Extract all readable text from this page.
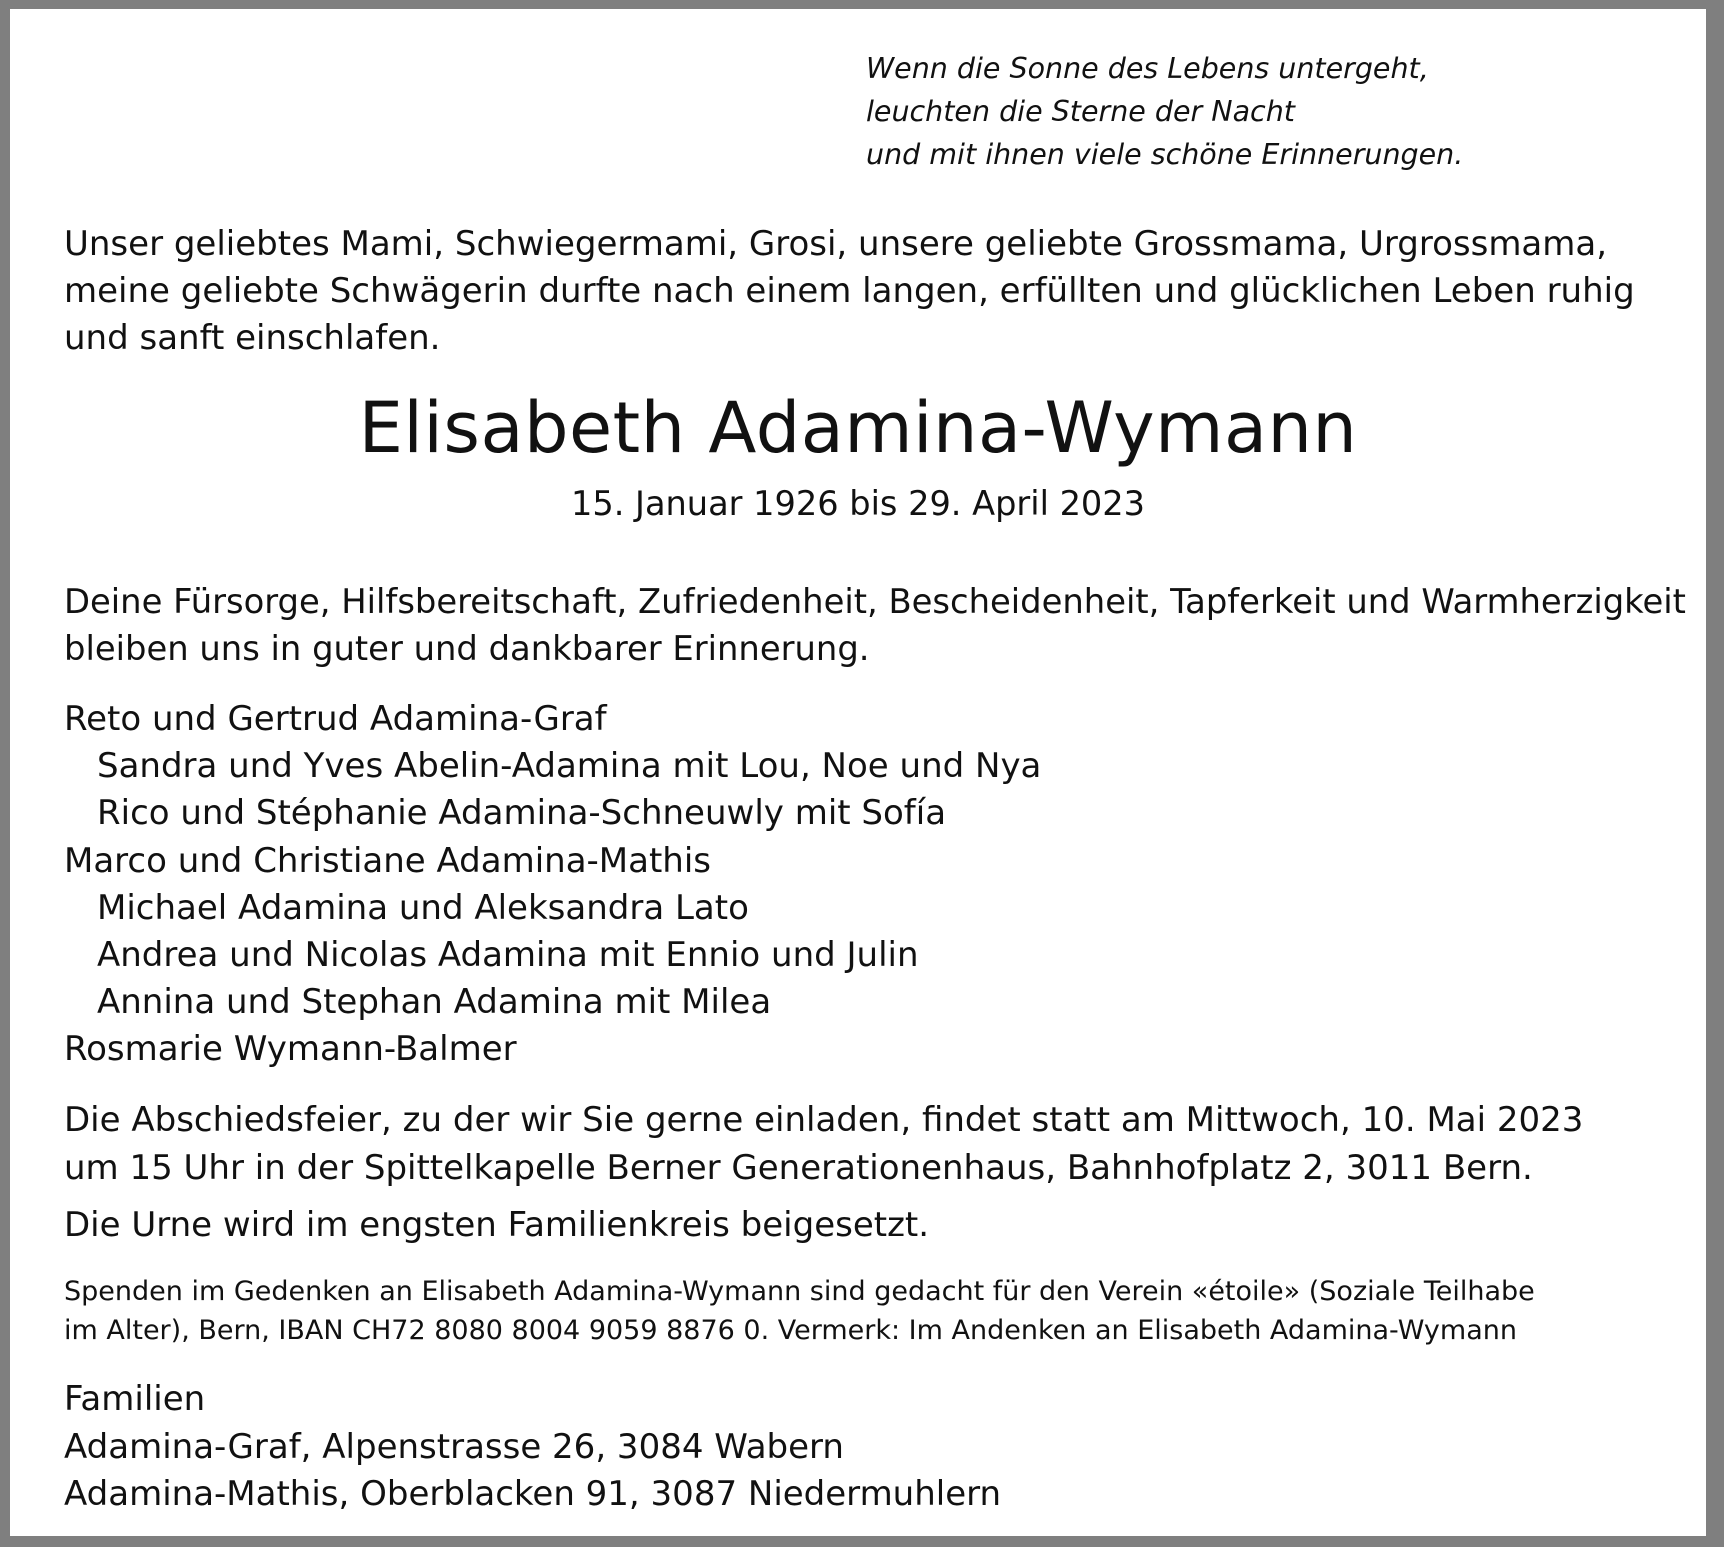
Wenn die Sonne des Lebens untergeht,
leuchten die Sterne der Nacht
und mit ihnen viele schöne Erinnerungen.
Unser geliebtes Mami, Schwiegermami, Grosi, unsere geliebte Grossmama, Urgrossmama,
meine geliebte Schwägerin durfte nach einem langen, erfüllten und glücklichen Leben ruhig
und sanft einschlafen.
Elisabeth Adamina-Wymann
15. Januar 1926 bis 29. April 2023
Deine Fürsorge, Hilfsbereitschaft, Zufriedenheit, Bescheidenheit, Tapferkeit und Warmherzigkeit
bleiben uns in guter und dankbarer Erinnerung.
Reto und Gertrud Adamina-Graf
Sandra und Yves Abelin-Adamina mit Lou, Noe und Nya
Rico und Stéphanie Adamina-Schneuwly mit Sofía
Marco und Christiane Adamina-Mathis
Michael Adamina und Aleksandra Lato
Andrea und Nicolas Adamina mit Ennio und Julin
Annina und Stephan Adamina mit Milea
Rosmarie Wymann-Balmer
Die Abschiedsfeier, zu der wir Sie gerne einladen, findet statt am Mittwoch, 10. Mai 2023
um 15 Uhr in der Spittelkapelle Berner Generationenhaus, Bahnhofplatz 2, 3011 Bern.
Die Urne wird im engsten Familienkreis beigesetzt.
Spenden im Gedenken an Elisabeth Adamina-Wymann sind gedacht für den Verein «étoile» (Soziale Teilhabe
im Alter), Bern, IBAN CH72 8080 8004 9059 8876 0. Vermerk: Im Andenken an Elisabeth Adamina-Wymann
Familien
Adamina-Graf, Alpenstrasse 26, 3084 Wabern
Adamina-Mathis, Oberblacken 91, 3087 Niedermuhlern
